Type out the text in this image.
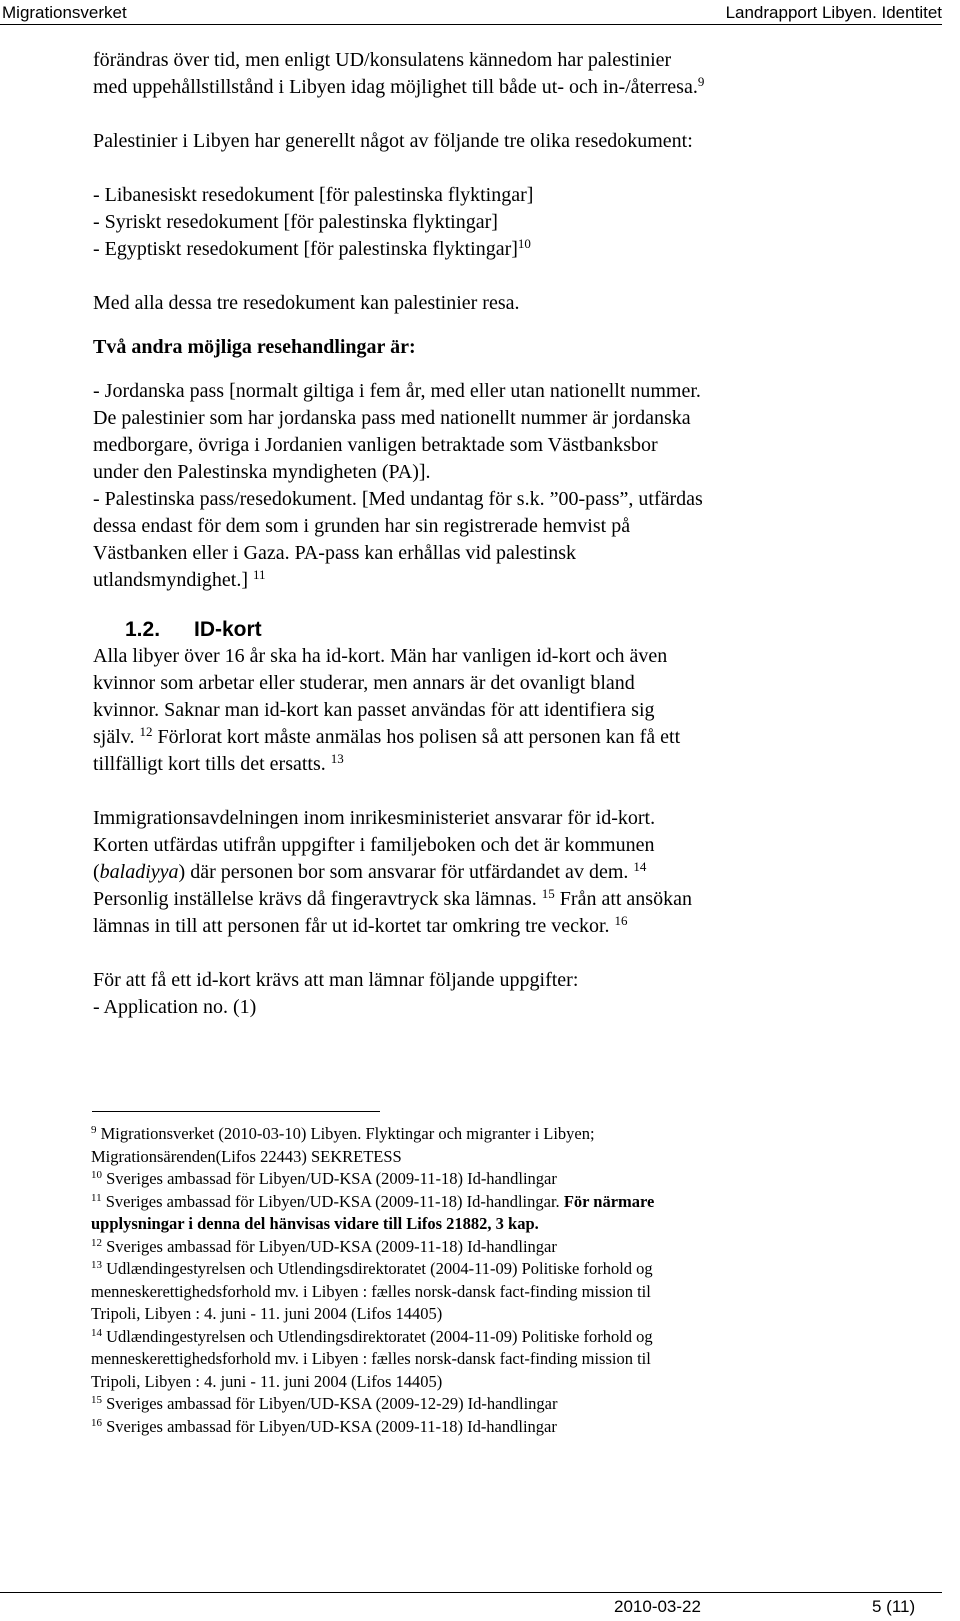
Migrationsverket	Landrapport Libyen. Identitet

förändras över tid, men enligt UD/konsulatens kännedom har palestinier

med uppehållstillstånd i Libyen idag möjlighet till både ut- och in-/återresa.$^9$

Palestinier i Libyen har generellt något av följande tre olika resedokument:

- Libanesiskt resedokument [för palestinska flyktingar]

- Syriskt resedokument [för palestinska flyktingar]

- Egyptiskt resedokument [för palestinska flyktingar]$^{10}$

Med alla dessa tre resedokument kan palestinier resa.

Två andra möjliga resehandlingar är:

- Jordanska pass [normalt giltiga i fem år, med eller utan nationellt nummer.

De palestinier som har jordanska pass med nationellt nummer är jordanska

medborgare, övriga i Jordanien vanligen betraktade som Västbanksbor

under den Palestinska myndigheten (PA)].

- Palestinska pass/resedokument. [Med undantag för s.k. ”00-pass”, utfärdas

dessa endast för dem som i grunden har sin registrerade hemvist på

Västbanken eller i Gaza. PA-pass kan erhållas vid palestinsk

utlandsmyndighet.] $^{11}$

1.2. ID-kort

Alla libyer över 16 år ska ha id-kort. Män har vanligen id-kort och även

kvinnor som arbetar eller studerar, men annars är det ovanligt bland

kvinnor. Saknar man id-kort kan passet användas för att identifiera sig

själv. $^{12}$ Förlorat kort måste anmälas hos polisen så att personen kan få ett

tillfälligt kort tills det ersatts. $^{13}$

Immigrationsavdelningen inom inrikesministeriet ansvarar för id-kort.

Korten utfärdas utifrån uppgifter i familjeboken och det är kommunen

(baladiyya) där personen bor som ansvarar för utfärdandet av dem. $^{14}$

Personlig inställelse krävs då fingeravtryck ska lämnas. $^{15}$ Från att ansökan

lämnas in till att personen får ut id-kortet tar omkring tre veckor. $^{16}$

För att få ett id-kort krävs att man lämnar följande uppgifter:

- Application no. (1)

$^9$ Migrationsverket (2010-03-10) Libyen. Flyktingar och migranter i Libyen;

Migrationsärenden(Lifos 22443) SEKRETESS

$^{10}$ Sveriges ambassad för Libyen/UD-KSA (2009-11-18) Id-handlingar

$^{11}$ Sveriges ambassad för Libyen/UD-KSA (2009-11-18) Id-handlingar. För närmare

upplysningar i denna del hänvisas vidare till Lifos 21882, 3 kap.

$^{12}$ Sveriges ambassad för Libyen/UD-KSA (2009-11-18) Id-handlingar

$^{13}$ Udlændingestyrelsen och Utlendingsdirektoratet (2004-11-09) Politiske forhold og

menneskerettighedsforhold mv. i Libyen : fælles norsk-dansk fact-finding mission til

Tripoli, Libyen : 4. juni - 11. juni 2004 (Lifos 14405)

$^{14}$ Udlændingestyrelsen och Utlendingsdirektoratet (2004-11-09) Politiske forhold og

menneskerettighedsforhold mv. i Libyen : fælles norsk-dansk fact-finding mission til

Tripoli, Libyen : 4. juni - 11. juni 2004 (Lifos 14405)

$^{15}$ Sveriges ambassad för Libyen/UD-KSA (2009-12-29) Id-handlingar

$^{16}$ Sveriges ambassad för Libyen/UD-KSA (2009-11-18) Id-handlingar

2010-03-22	5 (11)
